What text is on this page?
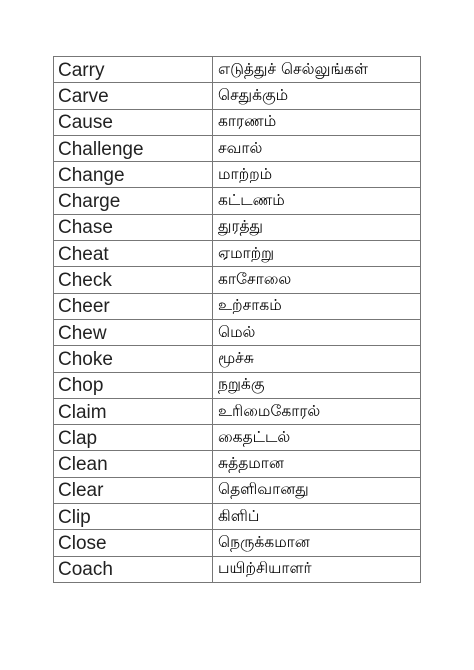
Carry	எடுத்துச் செல்லுங்கள்
Carve	செதுக்கும்
Cause	காரணம்
Challenge	சவால்
Change	மாற்றம்
Charge	கட்டணம்
Chase	துரத்து
Cheat	ஏமாற்று
Check	காசோலை
Cheer	உற்சாகம்
Chew	மெல்
Choke	மூச்சு
Chop	நறுக்கு
Claim	உரிமைகோரல்
Clap	கைதட்டல்
Clean	சுத்தமான
Clear	தெளிவானது
Clip	கிளிப்
Close	நெருக்கமான
Coach	பயிற்சியாளர்
